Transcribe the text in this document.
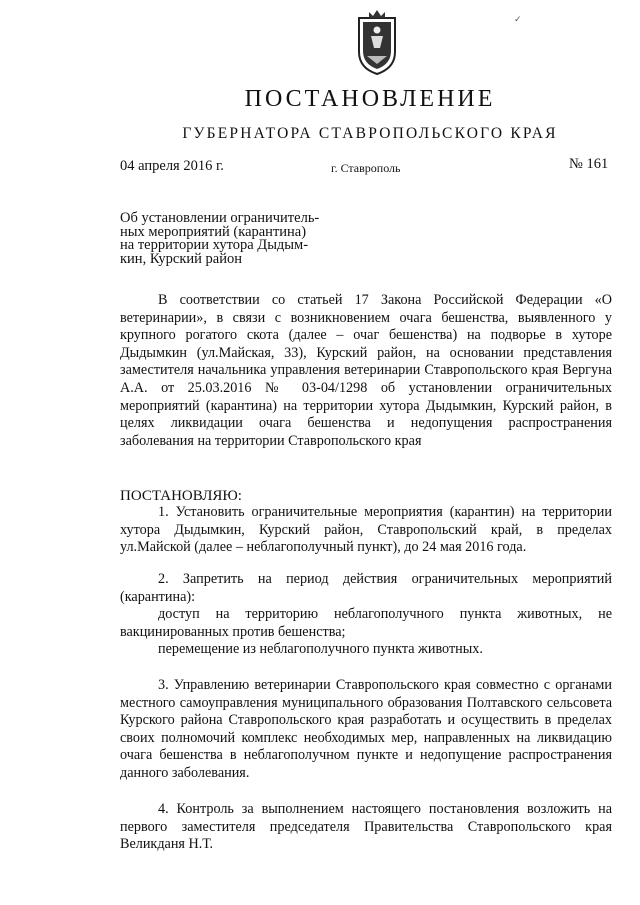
✓
ПОСТАНОВЛЕНИЕ
ГУБЕРНАТОРА СТАВРОПОЛЬСКОГО КРАЯ
04 апреля 2016 г.	г. Ставрополь	№ 161
Об установлении ограничитель-
ных мероприятий (карантина)
на территории хутора Дыдым-
кин, Курский район
В соответствии со статьей 17 Закона Российской Федерации «О ветеринарии», в связи с возникновением очага бешенства, выявленного у крупного рогатого скота (далее – очаг бешенства) на подворье в хуторе Дыдымкин (ул.Майская, 33), Курский район, на основании представления заместителя начальника управления ветеринарии Ставропольского края Вергуна А.А. от 25.03.2016 № 03-04/1298 об установлении ограничительных мероприятий (карантина) на территории хутора Дыдымкин, Курский район, в целях ликвидации очага бешенства и недопущения распространения заболевания на территории Ставропольского края
ПОСТАНОВЛЯЮ:
1. Установить ограничительные мероприятия (карантин) на территории хутора Дыдымкин, Курский район, Ставропольский край, в пределах ул.Майской (далее – неблагополучный пункт), до 24 мая 2016 года.

2. Запретить на период действия ограничительных мероприятий (карантина):

доступ на территорию неблагополучного пункта животных, не вакцинированных против бешенства;

перемещение из неблагополучного пункта животных.

3. Управлению ветеринарии Ставропольского края совместно с органами местного самоуправления муниципального образования Полтавского сельсовета Курского района Ставропольского края разработать и осуществить в пределах своих полномочий комплекс необходимых мер, направленных на ликвидацию очага бешенства в неблагополучном пункте и недопущение распространения данного заболевания.
4. Контроль за выполнением настоящего постановления возложить на первого заместителя председателя Правительства Ставропольского края Великданя Н.Т.
